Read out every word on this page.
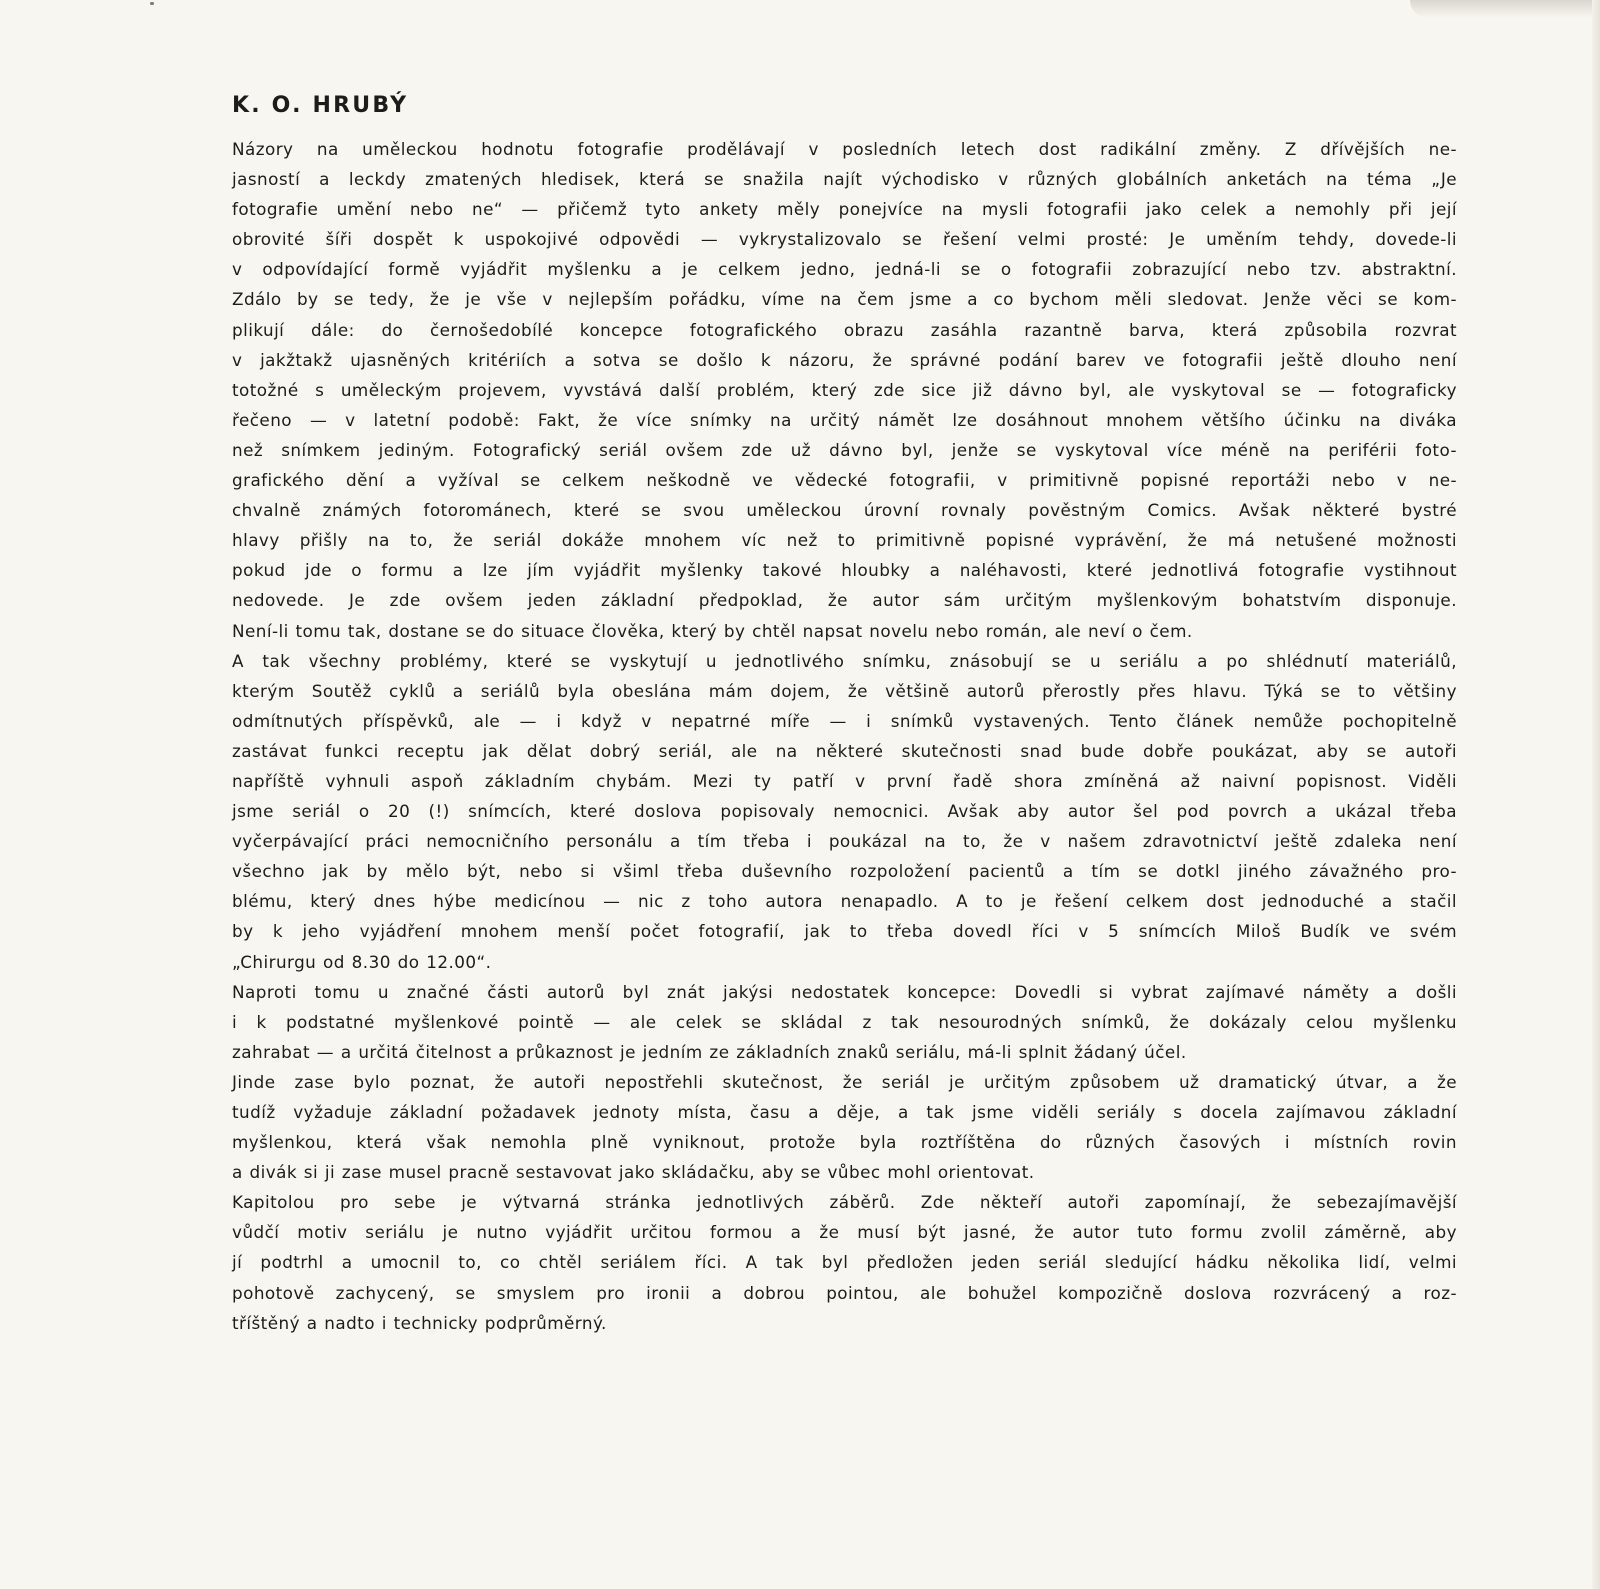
K. O. HRUBÝ
Názory na uměleckou hodnotu fotografie prodělávají v posledních letech dost radikální změny. Z dřívějších ne-
jasností a leckdy zmatených hledisek, která se snažila najít východisko v různých globálních anketách na téma „Je
fotografie umění nebo ne“ — přičemž tyto ankety měly ponejvíce na mysli fotografii jako celek a nemohly při její
obrovité šíři dospět k uspokojivé odpovědi — vykrystalizovalo se řešení velmi prosté: Je uměním tehdy, dovede-li
v odpovídající formě vyjádřit myšlenku a je celkem jedno, jedná-li se o fotografii zobrazující nebo tzv. abstraktní.
Zdálo by se tedy, že je vše v nejlepším pořádku, víme na čem jsme a co bychom měli sledovat. Jenže věci se kom-
plikují dále: do černošedobílé koncepce fotografického obrazu zasáhla razantně barva, která způsobila rozvrat
v jakžtakž ujasněných kritériích a sotva se došlo k názoru, že správné podání barev ve fotografii ještě dlouho není
totožné s uměleckým projevem, vyvstává další problém, který zde sice již dávno byl, ale vyskytoval se — fotograficky
řečeno — v latetní podobě: Fakt, že více snímky na určitý námět lze dosáhnout mnohem většího účinku na diváka
než snímkem jediným. Fotografický seriál ovšem zde už dávno byl, jenže se vyskytoval více méně na periférii foto-
grafického dění a vyžíval se celkem neškodně ve vědecké fotografii, v primitivně popisné reportáži nebo v ne-
chvalně známých fotorománech, které se svou uměleckou úrovní rovnaly pověstným Comics. Avšak některé bystré
hlavy přišly na to, že seriál dokáže mnohem víc než to primitivně popisné vyprávění, že má netušené možnosti
pokud jde o formu a lze jím vyjádřit myšlenky takové hloubky a naléhavosti, které jednotlivá fotografie vystihnout
nedovede. Je zde ovšem jeden základní předpoklad, že autor sám určitým myšlenkovým bohatstvím disponuje.
Není-li tomu tak, dostane se do situace člověka, který by chtěl napsat novelu nebo román, ale neví o čem.
A tak všechny problémy, které se vyskytují u jednotlivého snímku, znásobují se u seriálu a po shlédnutí materiálů,
kterým Soutěž cyklů a seriálů byla obeslána mám dojem, že většině autorů přerostly přes hlavu. Týká se to většiny
odmítnutých příspěvků, ale — i když v nepatrné míře — i snímků vystavených. Tento článek nemůže pochopitelně
zastávat funkci receptu jak dělat dobrý seriál, ale na některé skutečnosti snad bude dobře poukázat, aby se autoři
napříště vyhnuli aspoň základním chybám. Mezi ty patří v první řadě shora zmíněná až naivní popisnost. Viděli
jsme seriál o 20 (!) snímcích, které doslova popisovaly nemocnici. Avšak aby autor šel pod povrch a ukázal třeba
vyčerpávající práci nemocničního personálu a tím třeba i poukázal na to, že v našem zdravotnictví ještě zdaleka není
všechno jak by mělo být, nebo si všiml třeba duševního rozpoložení pacientů a tím se dotkl jiného závažného pro-
blému, který dnes hýbe medicínou — nic z toho autora nenapadlo. A to je řešení celkem dost jednoduché a stačil
by k jeho vyjádření mnohem menší počet fotografií, jak to třeba dovedl říci v 5 snímcích Miloš Budík ve svém
„Chirurgu od 8.30 do 12.00“.
Naproti tomu u značné části autorů byl znát jakýsi nedostatek koncepce: Dovedli si vybrat zajímavé náměty a došli
i k podstatné myšlenkové pointě — ale celek se skládal z tak nesourodných snímků, že dokázaly celou myšlenku
zahrabat — a určitá čitelnost a průkaznost je jedním ze základních znaků seriálu, má-li splnit žádaný účel.
Jinde zase bylo poznat, že autoři nepostřehli skutečnost, že seriál je určitým způsobem už dramatický útvar, a že
tudíž vyžaduje základní požadavek jednoty místa, času a děje, a tak jsme viděli seriály s docela zajímavou základní
myšlenkou, která však nemohla plně vyniknout, protože byla roztříštěna do různých časových i místních rovin
a divák si ji zase musel pracně sestavovat jako skládačku, aby se vůbec mohl orientovat.
Kapitolou pro sebe je výtvarná stránka jednotlivých záběrů. Zde někteří autoři zapomínají, že sebezajímavější
vůdčí motiv seriálu je nutno vyjádřit určitou formou a že musí být jasné, že autor tuto formu zvolil záměrně, aby
jí podtrhl a umocnil to, co chtěl seriálem říci. A tak byl předložen jeden seriál sledující hádku několika lidí, velmi
pohotově zachycený, se smyslem pro ironii a dobrou pointou, ale bohužel kompozičně doslova rozvrácený a roz-
tříštěný a nadto i technicky podprůměrný.
